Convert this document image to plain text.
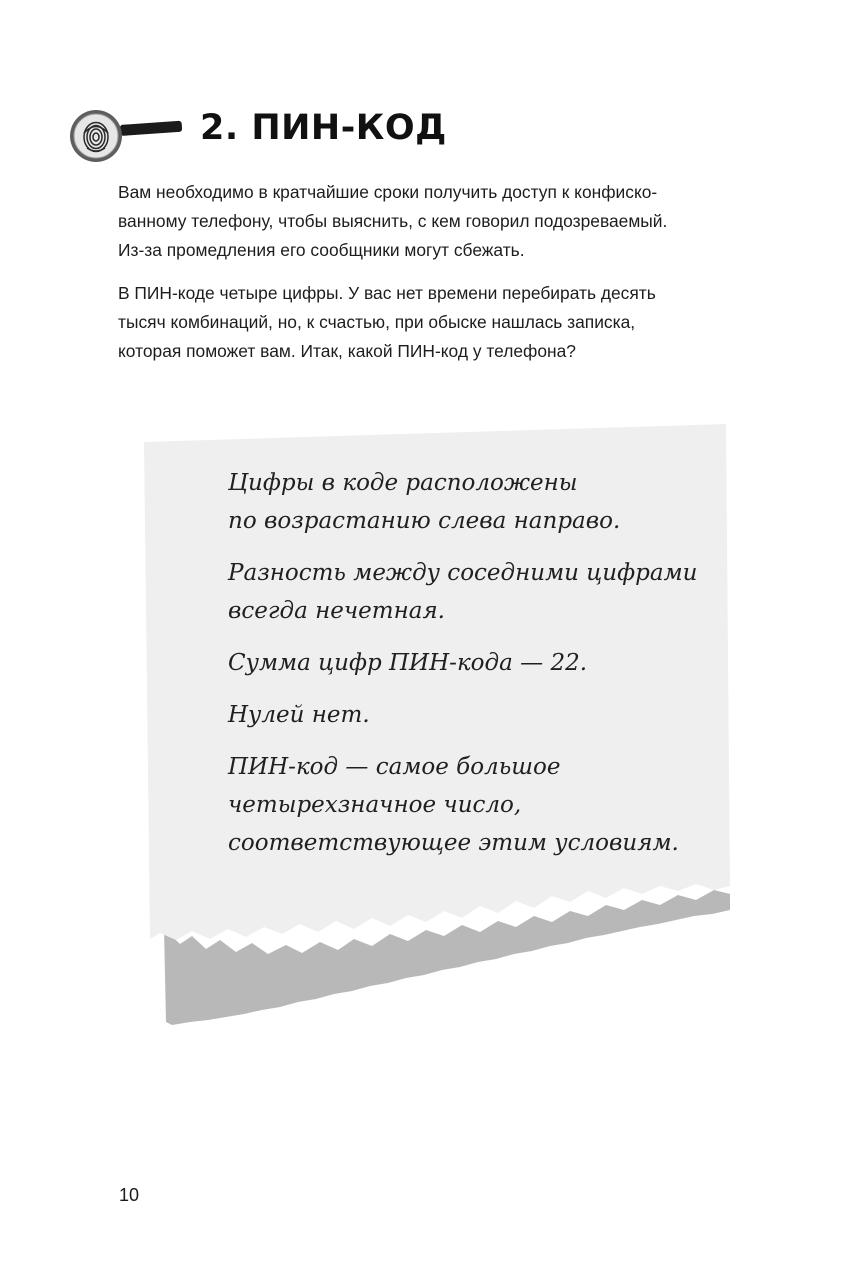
2. ПИН-КОД

Вам необходимо в кратчайшие сроки получить доступ к конфиско-
ванному телефону, чтобы выяснить, с кем говорил подозреваемый.
Из-за промедления его сообщники могут сбежать.

В ПИН-коде четыре цифры. У вас нет времени перебирать десять
тысяч комбинаций, но, к счастью, при обыске нашлась записка,
которая поможет вам. Итак, какой ПИН-код у телефона?

Цифры в коде расположены
по возрастанию слева направо.
Разность между соседними цифрами
всегда нечетная.
Сумма цифр ПИН-кода — 22.
Нулей нет.
ПИН-код — самое большое
четырехзначное число,
соответствующее этим условиям.
10
